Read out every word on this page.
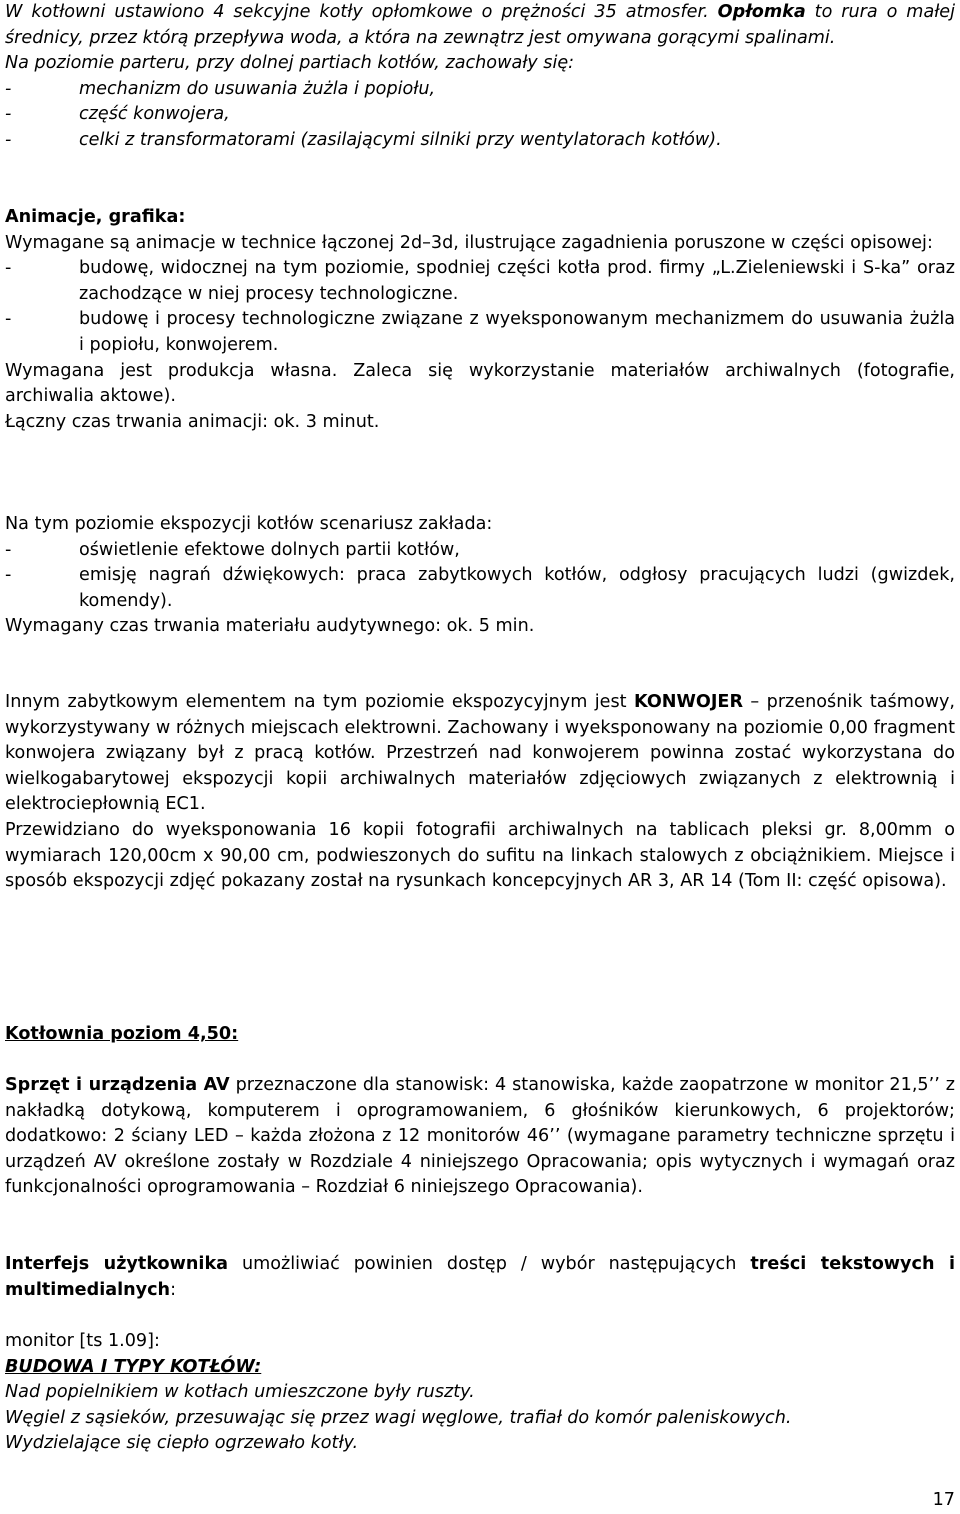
W kotłowni ustawiono 4 sekcyjne kotły opłomkowe o prężności 35 atmosfer. Opłomka to rura o małej średnicy, przez którą przepływa woda, a która na zewnątrz jest omywana gorącymi spalinami.

Na poziomie parteru, przy dolnej partiach kotłów, zachowały się:

-	mechanizm do usuwania żużla i popiołu,

-	część konwojera,

-	celki z transformatorami (zasilającymi silniki przy wentylatorach kotłów).

Animacje, grafika:

Wymagane są animacje w technice łączonej 2d–3d, ilustrujące zagadnienia poruszone w części opisowej:

-	budowę, widocznej na tym poziomie, spodniej części kotła prod. firmy „L.Zieleniewski i S-ka” oraz zachodzące w niej procesy technologiczne.

-	budowę i procesy technologiczne związane z wyeksponowanym mechanizmem do usuwania żużla i popiołu, konwojerem.

Wymagana jest produkcja własna. Zaleca się wykorzystanie materiałów archiwalnych (fotografie, archiwalia aktowe).

Łączny czas trwania animacji: ok. 3 minut.

Na tym poziomie ekspozycji kotłów scenariusz zakłada:

-	oświetlenie efektowe dolnych partii kotłów,

-	emisję nagrań dźwiękowych: praca zabytkowych kotłów, odgłosy pracujących ludzi (gwizdek, komendy).

Wymagany czas trwania materiału audytywnego: ok. 5 min.

Innym zabytkowym elementem na tym poziomie ekspozycyjnym jest KONWOJER – przenośnik taśmowy, wykorzystywany w różnych miejscach elektrowni. Zachowany i wyeksponowany na poziomie 0,00 fragment konwojera związany był z pracą kotłów. Przestrzeń nad konwojerem powinna zostać wykorzystana do wielkogabarytowej ekspozycji kopii archiwalnych materiałów zdjęciowych związanych z elektrownią i elektrociepłownią EC1.

Przewidziano do wyeksponowania 16 kopii fotografii archiwalnych na tablicach pleksi gr. 8,00mm o wymiarach 120,00cm x 90,00 cm, podwieszonych do sufitu na linkach stalowych z obciążnikiem. Miejsce i sposób ekspozycji zdjęć pokazany został na rysunkach koncepcyjnych AR 3, AR 14 (Tom II: część opisowa).

Kotłownia poziom 4,50:

Sprzęt i urządzenia AV przeznaczone dla stanowisk: 4 stanowiska, każde zaopatrzone w monitor 21,5’’ z nakładką dotykową, komputerem i oprogramowaniem, 6 głośników kierunkowych, 6 projektorów; dodatkowo: 2 ściany LED – każda złożona z 12 monitorów 46’’ (wymagane parametry techniczne sprzętu i urządzeń AV określone zostały w Rozdziale 4 niniejszego Opracowania; opis wytycznych i wymagań oraz funkcjonalności oprogramowania – Rozdział 6 niniejszego Opracowania).

Interfejs użytkownika umożliwiać powinien dostęp / wybór następujących treści tekstowych i multimedialnych:

monitor [ts 1.09]:

BUDOWA I TYPY KOTŁÓW:

Nad popielnikiem w kotłach umieszczone były ruszty.

Węgiel z sąsieków, przesuwając się przez wagi węglowe, trafiał do komór paleniskowych.

Wydzielające się ciepło ogrzewało kotły.

17
